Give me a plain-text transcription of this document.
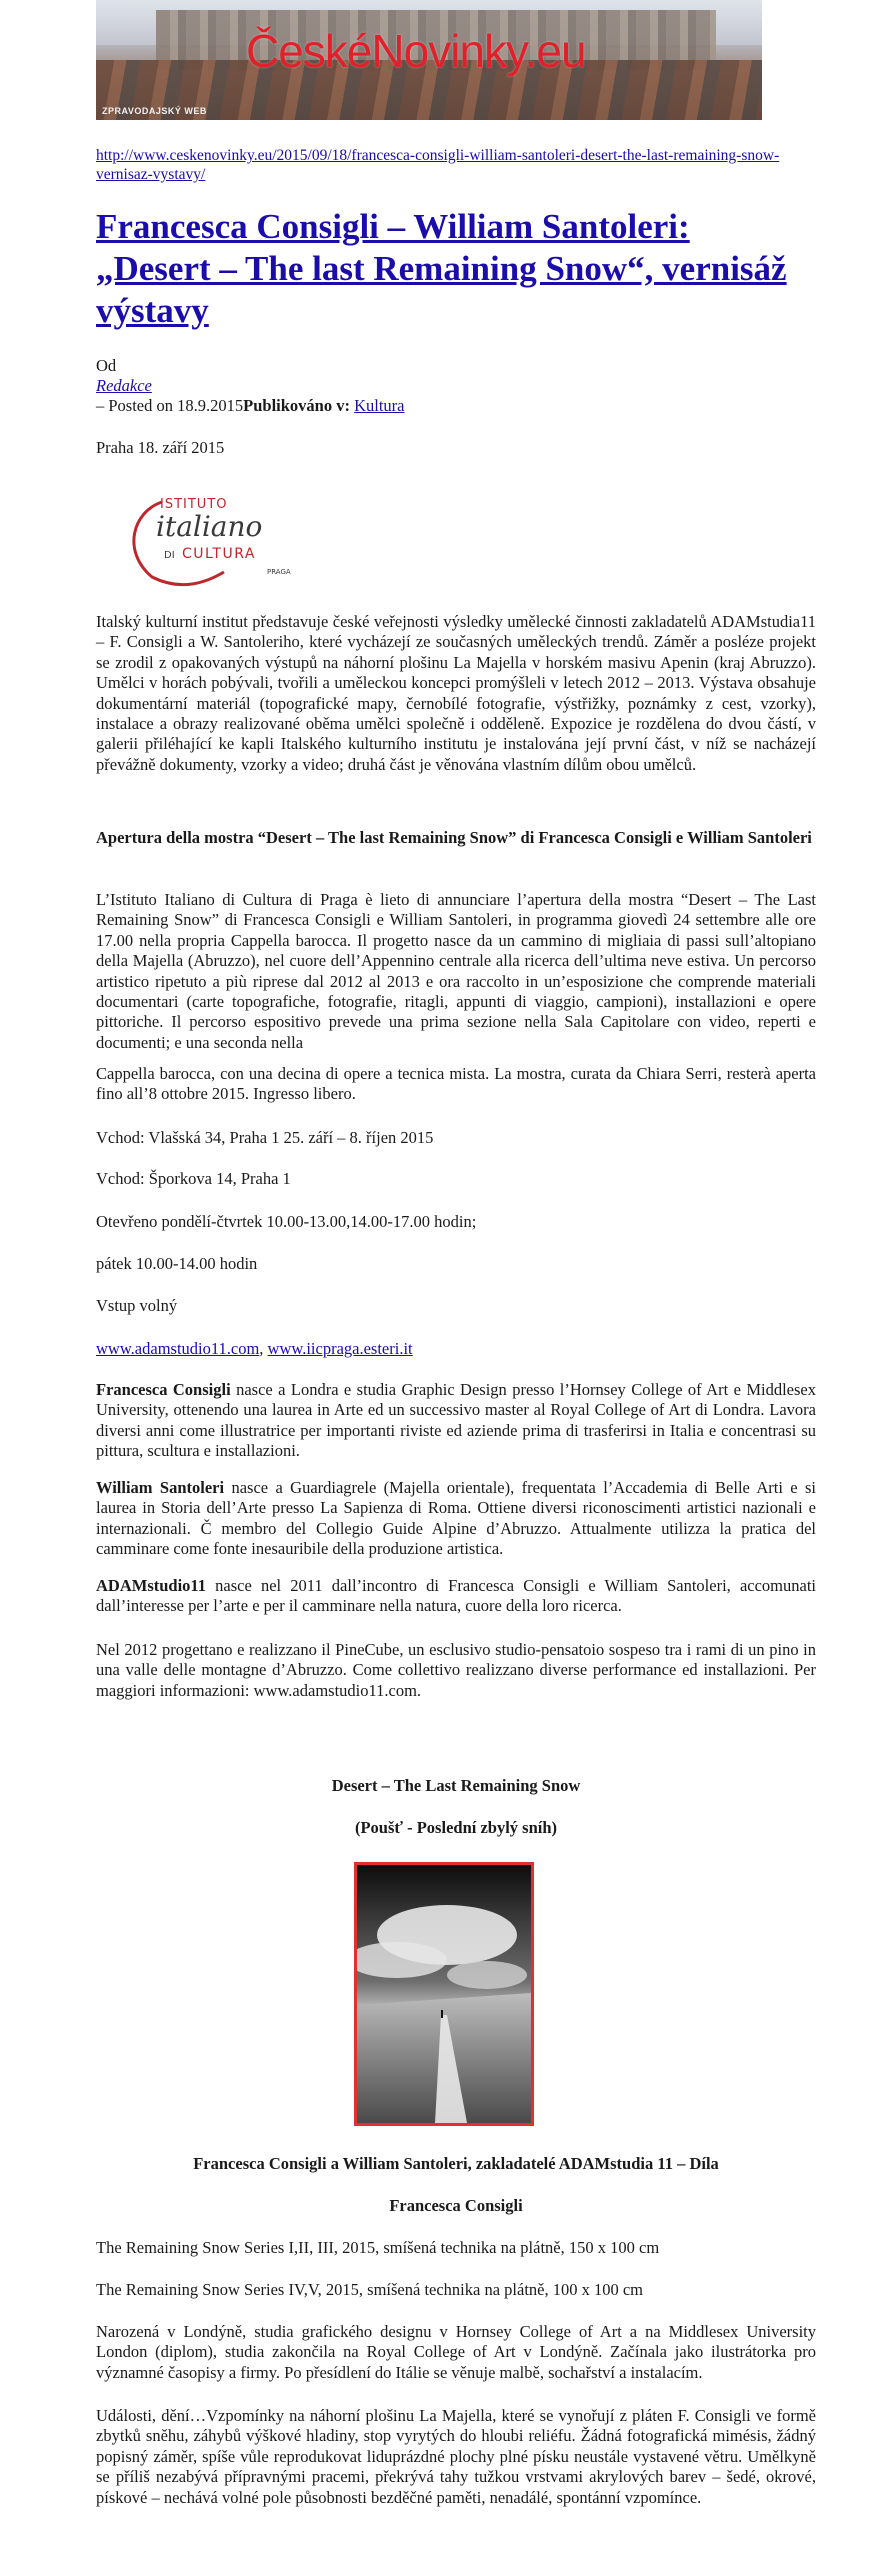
ČeskéNovinky.eu
ZPRAVODAJSKÝ WEB
http://www.ceskenovinky.eu/2015/09/18/francesca-consigli-william-santoleri-desert-the-last-remaining-snow-vernisaz-vystavy/
Francesca Consigli – William Santoleri: „Desert – The last Remaining Snow“, vernisáž výstavy
Od
Redakce
– Posted on 18.9.2015Publikováno v: Kultura
Praha 18. září 2015
ISTITUTO
italiano
DI CULTURA
PRAGA
Italský kulturní institut představuje české veřejnosti výsledky umělecké činnosti zakladatelů ADAMstudia11 – F. Consigli a W. Santoleriho, které vycházejí ze současných uměleckých trendů. Záměr a posléze projekt se zrodil z opakovaných výstupů na náhorní plošinu La Majella v horském masivu Apenin (kraj Abruzzo). Umělci v horách pobývali, tvořili a uměleckou koncepci promýšleli v letech 2012 – 2013. Výstava obsahuje dokumentární materiál (topografické mapy, černobílé fotografie, výstřižky, poznámky z cest, vzorky), instalace a obrazy realizované oběma umělci společně i odděleně. Expozice je rozdělena do dvou částí, v galerii přiléhající ke kapli Italského kulturního institutu je instalována její první část, v níž se nacházejí převážně dokumenty, vzorky a video; druhá část je věnována vlastním dílům obou umělců.
Apertura della mostra “Desert – The last Remaining Snow” di Francesca Consigli e William Santoleri
L’Istituto Italiano di Cultura di Praga è lieto di annunciare l’apertura della mostra “Desert – The Last Remaining Snow” di Francesca Consigli e William Santoleri, in programma giovedì 24 settembre alle ore 17.00 nella propria Cappella barocca. Il progetto nasce da un cammino di migliaia di passi sull’altopiano della Majella (Abruzzo), nel cuore dell’Appennino centrale alla ricerca dell’ultima neve estiva. Un percorso artistico ripetuto a più riprese dal 2012 al 2013 e ora raccolto in un’esposizione che comprende materiali documentari (carte topografiche, fotografie, ritagli, appunti di viaggio, campioni), installazioni e opere pittoriche. Il percorso espositivo prevede una prima sezione nella Sala Capitolare con video, reperti e documenti; e una seconda nella
Cappella barocca, con una decina di opere a tecnica mista. La mostra, curata da Chiara Serri, resterà aperta fino all’8 ottobre 2015. Ingresso libero.
Vchod: Vlašská 34, Praha 1 25. září – 8. říjen 2015
Vchod: Šporkova 14, Praha 1
Otevřeno pondělí-čtvrtek 10.00-13.00,14.00-17.00 hodin;
pátek 10.00-14.00 hodin
Vstup volný
www.adamstudio11.com, www.iicpraga.esteri.it
Francesca Consigli nasce a Londra e studia Graphic Design presso l’Hornsey College of Art e Middlesex University, ottenendo una laurea in Arte ed un successivo master al Royal College of Art di Londra. Lavora diversi anni come illustratrice per importanti riviste ed aziende prima di trasferirsi in Italia e concentrasi su pittura, scultura e installazioni.
William Santoleri nasce a Guardiagrele (Majella orientale), frequentata l’Accademia di Belle Arti e si laurea in Storia dell’Arte presso La Sapienza di Roma. Ottiene diversi riconoscimenti artistici nazionali e internazionali. Č membro del Collegio Guide Alpine d’Abruzzo. Attualmente utilizza la pratica del camminare come fonte inesauribile della produzione artistica.
ADAMstudio11 nasce nel 2011 dall’incontro di Francesca Consigli e William Santoleri, accomunati dall’interesse per l’arte e per il camminare nella natura, cuore della loro ricerca.
Nel 2012 progettano e realizzano il PineCube, un esclusivo studio-pensatoio sospeso tra i rami di un pino in una valle delle montagne d’Abruzzo. Come collettivo realizzano diverse performance ed installazioni. Per maggiori informazioni: www.adamstudio11.com.
Desert – The Last Remaining Snow
(Poušť - Poslední zbylý sníh)
Francesca Consigli a William Santoleri, zakladatelé ADAMstudia 11 – Díla
Francesca Consigli
The Remaining Snow Series I,II, III, 2015, smíšená technika na plátně, 150 x 100 cm
The Remaining Snow Series IV,V, 2015, smíšená technika na plátně, 100 x 100 cm
Narozená v Londýně, studia grafického designu v Hornsey College of Art a na Middlesex University London (diplom), studia zakončila na Royal College of Art v Londýně. Začínala jako ilustrátorka pro významné časopisy a firmy. Po přesídlení do Itálie se věnuje malbě, sochařství a instalacím.
Události, dění…Vzpomínky na náhorní plošinu La Majella, které se vynořují z pláten F. Consigli ve formě zbytků sněhu, záhybů výškové hladiny, stop vyrytých do hloubi reliéfu. Žádná fotografická mimésis, žádný popisný záměr, spíše vůle reprodukovat liduprázdné plochy plné písku neustále vystavené větru. Umělkyně se příliš nezabývá přípravnými pracemi, překrývá tahy tužkou vrstvami akrylových barev – šedé, okrové, pískové – nechává volné pole působnosti bezděčné paměti, nenadálé, spontánní vzpomínce.
